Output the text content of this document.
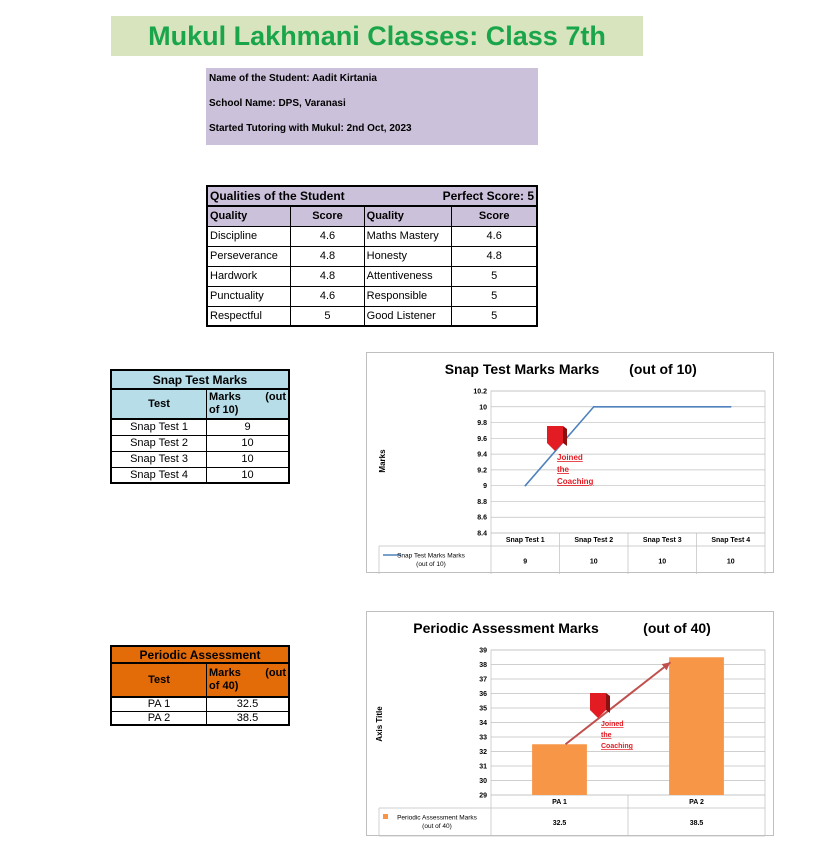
Mukul Lakhmani Classes: Class 7th
Name of the Student: Aadit Kirtania
School Name: DPS, Varanasi
Started Tutoring with Mukul: 2nd Oct, 2023
Qualities of the Student		Perfect Score: 5	
Quality	Score	Quality	Score
Discipline	4.6	Maths Mastery	4.6
Perseverance	4.8	Honesty	4.8
Hardwork	4.8	Attentiveness	5
Punctuality	4.6	Responsible	5
Respectful	5	Good Listener	5
Snap Test Marks	
Test	Marks (out
of 10)

Snap Test 1	9
Snap Test 2	10
Snap Test 3	10
Snap Test 4	10
Periodic Assessment	
Test	Marks (out
of 40)

PA 1	32.5
PA 2	38.5
Snap Test Marks Marks (out of 10)
Marks
10.2
10
9.8
9.6
9.4
9.2
9
8.8
8.6
8.4
Snap Test 1
9
Snap Test 2
10
Snap Test 3
10
Snap Test 4
10
Snap Test Marks Marks
(out of 10)
Joined
the
Coaching
Periodic Assessment Marks	(out of 40)
Axis Title
39
38
37
36
35
34
33
32
31
30
29
PA 1
32.5
PA 2
38.5
Periodic Assessment Marks
(out of 40)
Joined
the
Coaching
